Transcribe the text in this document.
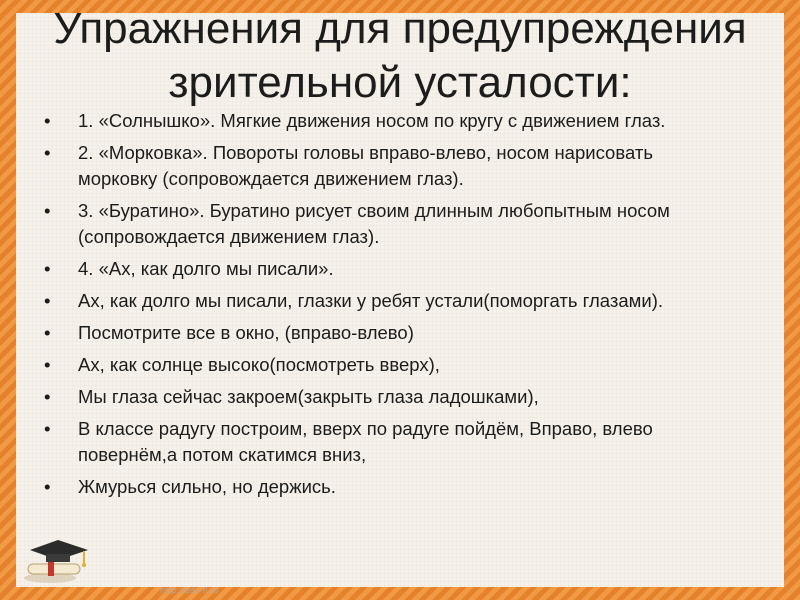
Упражнения для предупреждения
зрительной усталости:
•	1. «Солнышко». Мягкие движения носом по кругу с движением глаз.
•	2. «Морковка». Повороты головы вправо-влево, носом нарисовать морковку (сопровождается движением глаз).
•	3. «Буратино». Буратино рисует своим длинным любопытным носом            (сопровождается движением глаз).
•	4. «Ах, как долго мы писали».
•	Ах, как долго мы писали, глазки у ребят устали(поморгать глазами).
•	Посмотрите все в окно, (вправо-влево)
•	Ах, как солнце высоко(посмотреть вверх),
•	Мы глаза сейчас закроем(закрыть глаза ладошками),
•	В классе радугу построим, вверх по радуге пойдём, Вправо, влево повернём,а потом скатимся вниз,
•	Жмурься сильно, но держись.
http://edu-fl.ru
